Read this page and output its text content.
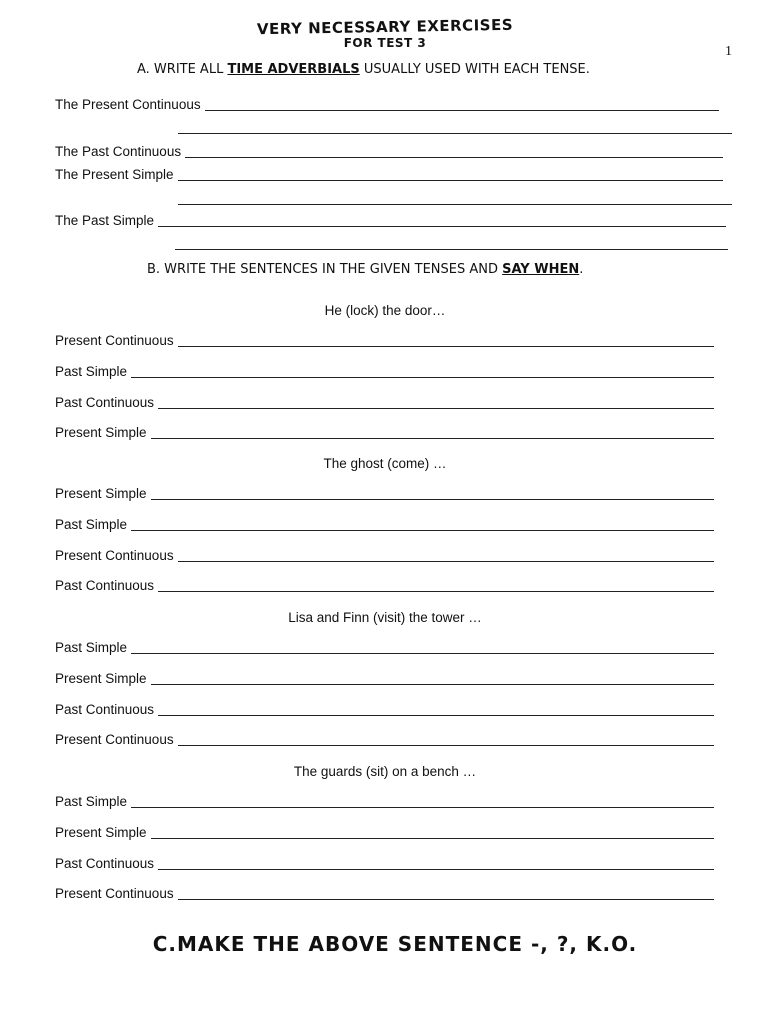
VERY NECESSARY EXERCISES
FOR TEST 3
1
A. WRITE ALL TIME ADVERBIALS USUALLY USED WITH EACH TENSE.
The Present Continuous
The Past Continuous
The Present Simple
The Past Simple
B. WRITE THE SENTENCES IN THE GIVEN TENSES AND SAY WHEN.
He (lock) the door…
Present Continuous
Past Simple
Past Continuous
Present Simple
The ghost (come) …
Present Simple
Past Simple
Present Continuous
Past Continuous
Lisa and Finn (visit) the tower …
Past Simple
Present Simple
Past Continuous
Present Continuous
The guards (sit) on a bench …
Past Simple
Present Simple
Past Continuous
Present Continuous
C.MAKE THE ABOVE SENTENCE -, ?, K.O.
